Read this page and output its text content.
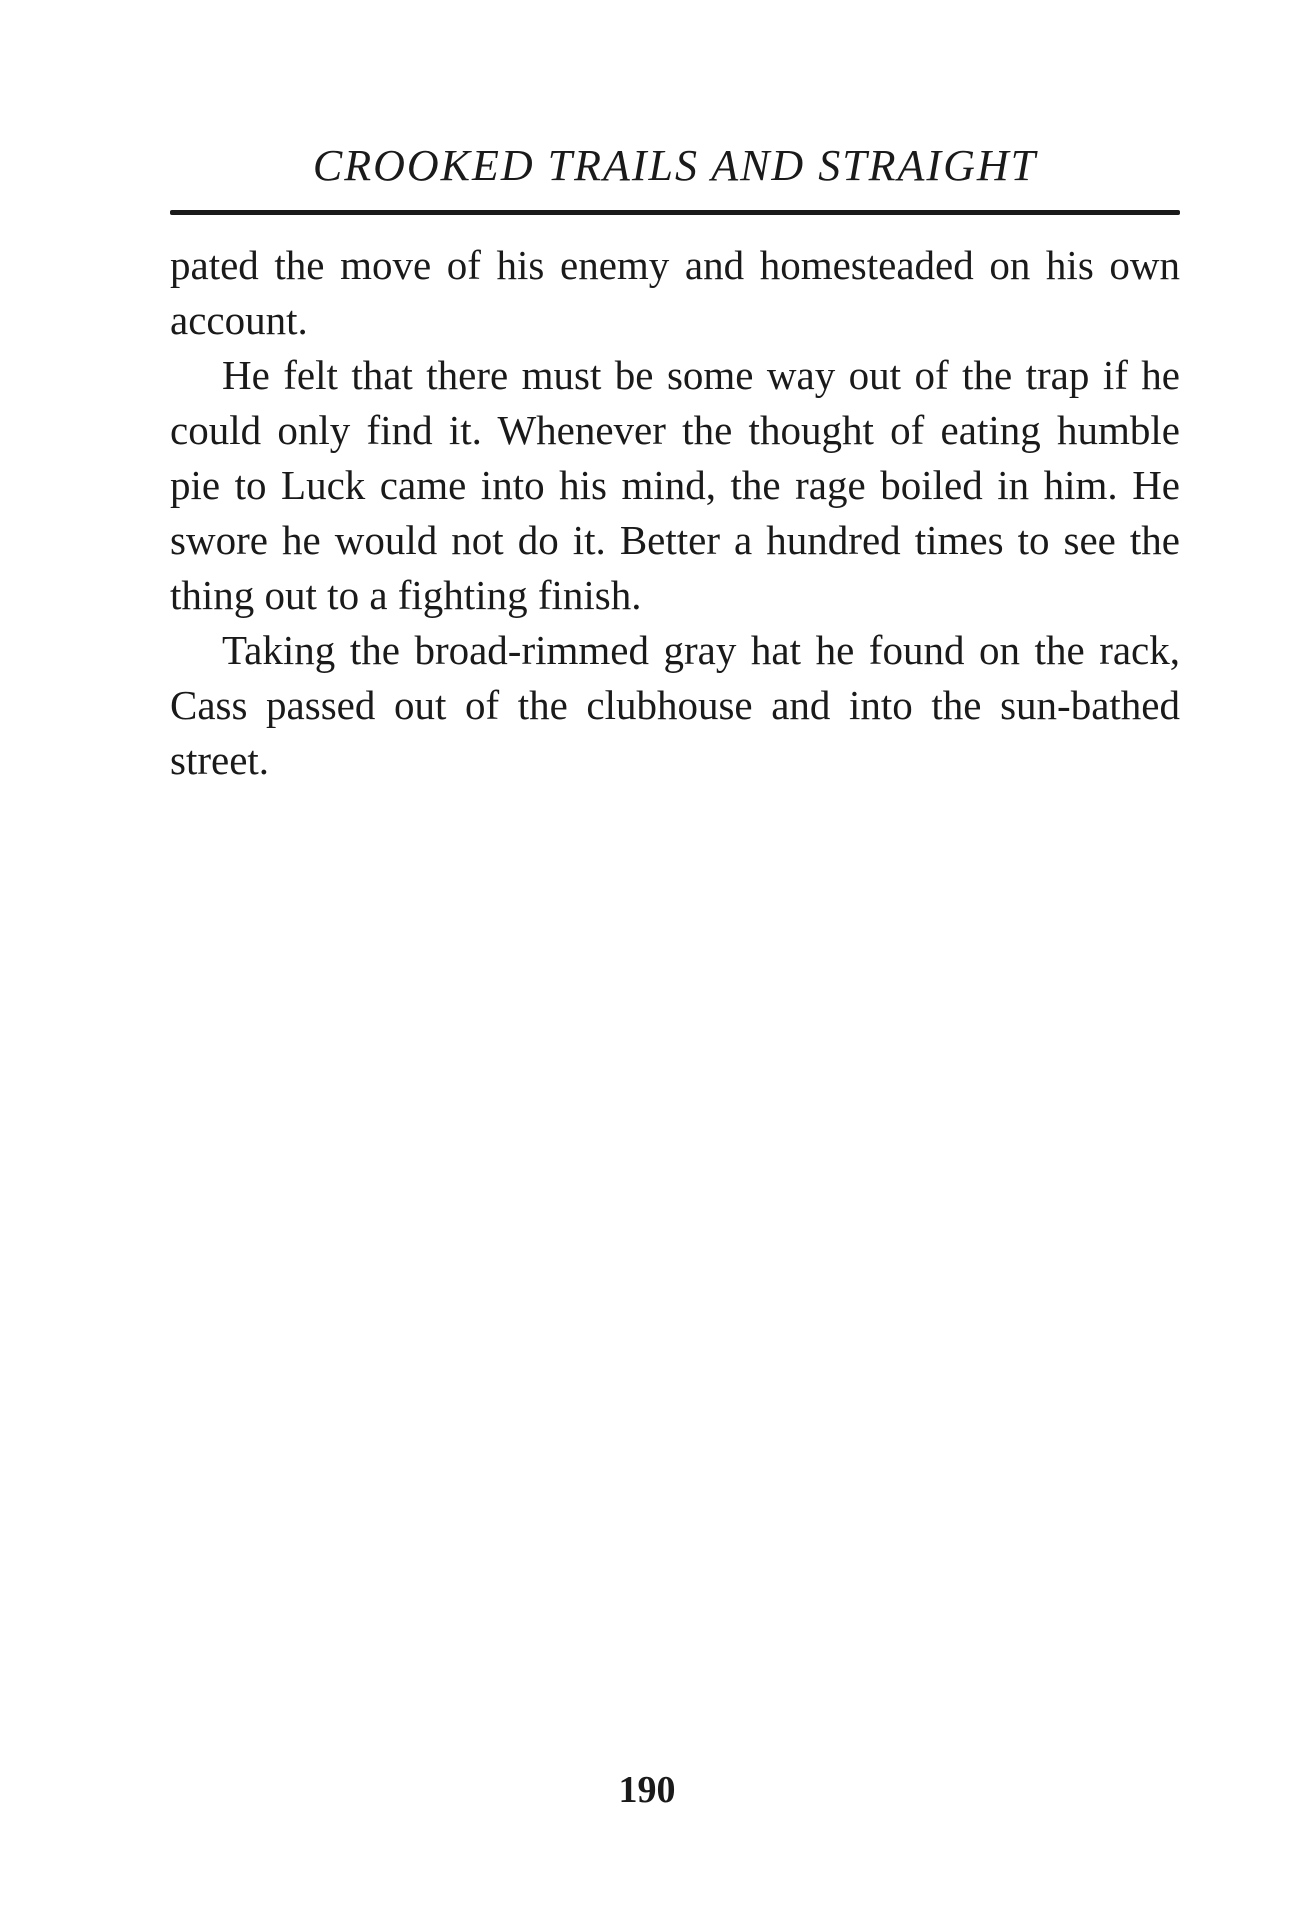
CROOKED TRAILS AND STRAIGHT

pated the move of his enemy and homesteaded on his own account.

He felt that there must be some way out of the trap if he could only find it. Whenever the thought of eating humble pie to Luck came into his mind, the rage boiled in him. He swore he would not do it. Better a hundred times to see the thing out to a fighting finish.

Taking the broad-rimmed gray hat he found on the rack, Cass passed out of the clubhouse and into the sun-bathed street.

190
